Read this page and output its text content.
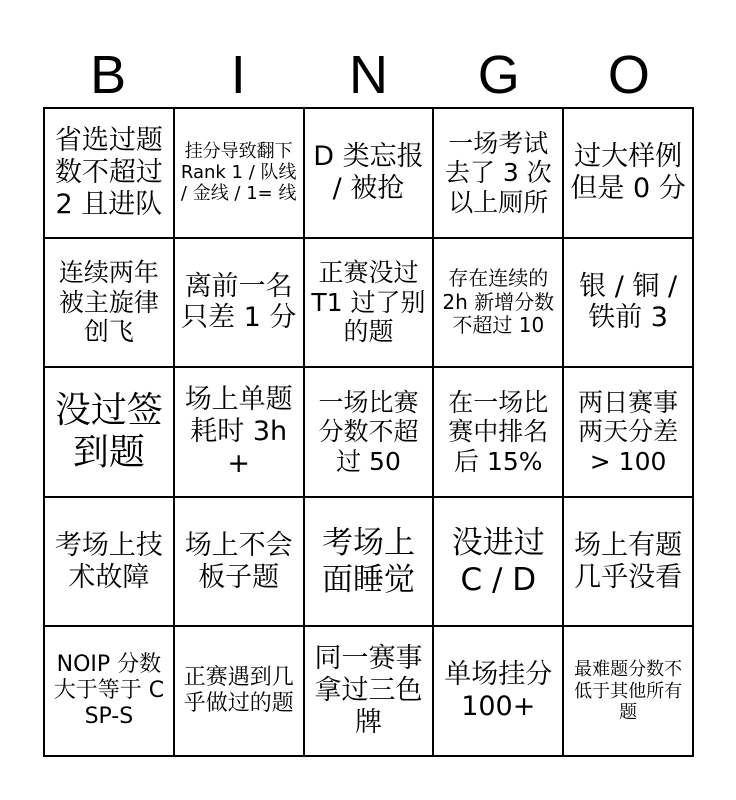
B	I	N	G	O
省选过题数不超过 2 且进队
挂分导致翻下 Rank 1 / 队线 / 金线 / 1= 线
D 类忘报 / 被抢
一场考试去了 3 次以上厕所
过大样例但是 0 分
连续两年被主旋律创飞
离前一名只差 1 分
正赛没过 T1 过了别的题
存在连续的 2h 新增分数不超过 10
银 / 铜 / 铁前 3
没过签到题
场上单题耗时 3h+
一场比赛分数不超过 50
在一场比赛中排名后 15%
两日赛事两天分差 > 100
考场上技术故障
场上不会板子题
考场上面睡觉
没进过 C / D
场上有题几乎没看
NOIP 分数大于等于 CSP-S
正赛遇到几乎做过的题
同一赛事拿过三色牌
单场挂分 100+
最难题分数不低于其他所有题
